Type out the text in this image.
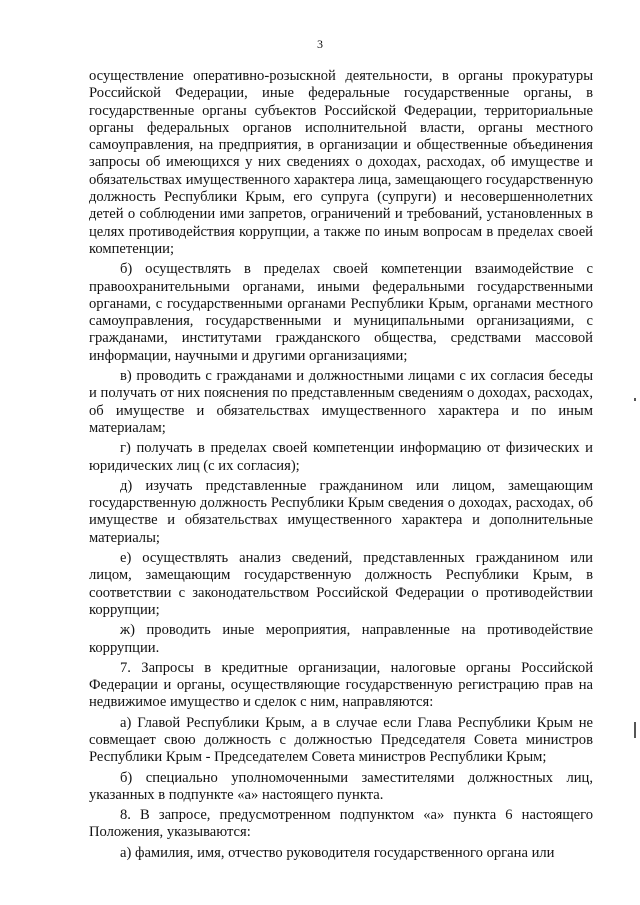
3

осуществление оперативно-розыскной деятельности, в органы прокуратуры Российской Федерации, иные федеральные государственные органы, в государственные органы субъектов Российской Федерации, территориальные органы федеральных органов исполнительной власти, органы местного самоуправления, на предприятия, в организации и общественные объединения запросы об имеющихся у них сведениях о доходах, расходах, об имуществе и обязательствах имущественного характера лица, замещающего государственную должность Республики Крым, его супруга (супруги) и несовершеннолетних детей о соблюдении ими запретов, ограничений и требований, установленных в целях противодействия коррупции, а также по иным вопросам в пределах своей компетенции;

б) осуществлять в пределах своей компетенции взаимодействие с правоохранительными органами, иными федеральными государственными органами, с государственными органами Республики Крым, органами местного самоуправления, государственными и муниципальными организациями, с гражданами, институтами гражданского общества, средствами массовой информации, научными и другими организациями;

в) проводить с гражданами и должностными лицами с их согласия беседы и получать от них пояснения по представленным сведениям о доходах, расходах, об имуществе и обязательствах имущественного характера и по иным материалам;

г) получать в пределах своей компетенции информацию от физических и юридических лиц (с их согласия);

д) изучать представленные гражданином или лицом, замещающим государственную должность Республики Крым сведения о доходах, расходах, об имуществе и обязательствах имущественного характера и дополнительные материалы;

е) осуществлять анализ сведений, представленных гражданином или лицом, замещающим государственную должность Республики Крым, в соответствии с законодательством Российской Федерации о противодействии коррупции;

ж) проводить иные мероприятия, направленные на противодействие коррупции.

7. Запросы в кредитные организации, налоговые органы Российской Федерации и органы, осуществляющие государственную регистрацию прав на недвижимое имущество и сделок с ним, направляются:

а) Главой Республики Крым, а в случае если Глава Республики Крым не совмещает свою должность с должностью Председателя Совета министров Республики Крым - Председателем Совета министров Республики Крым;

б) специально уполномоченными заместителями должностных лиц, указанных в подпункте «а» настоящего пункта.

8. В запросе, предусмотренном подпунктом «а» пункта 6 настоящего Положения, указываются:

а) фамилия, имя, отчество руководителя государственного органа или
